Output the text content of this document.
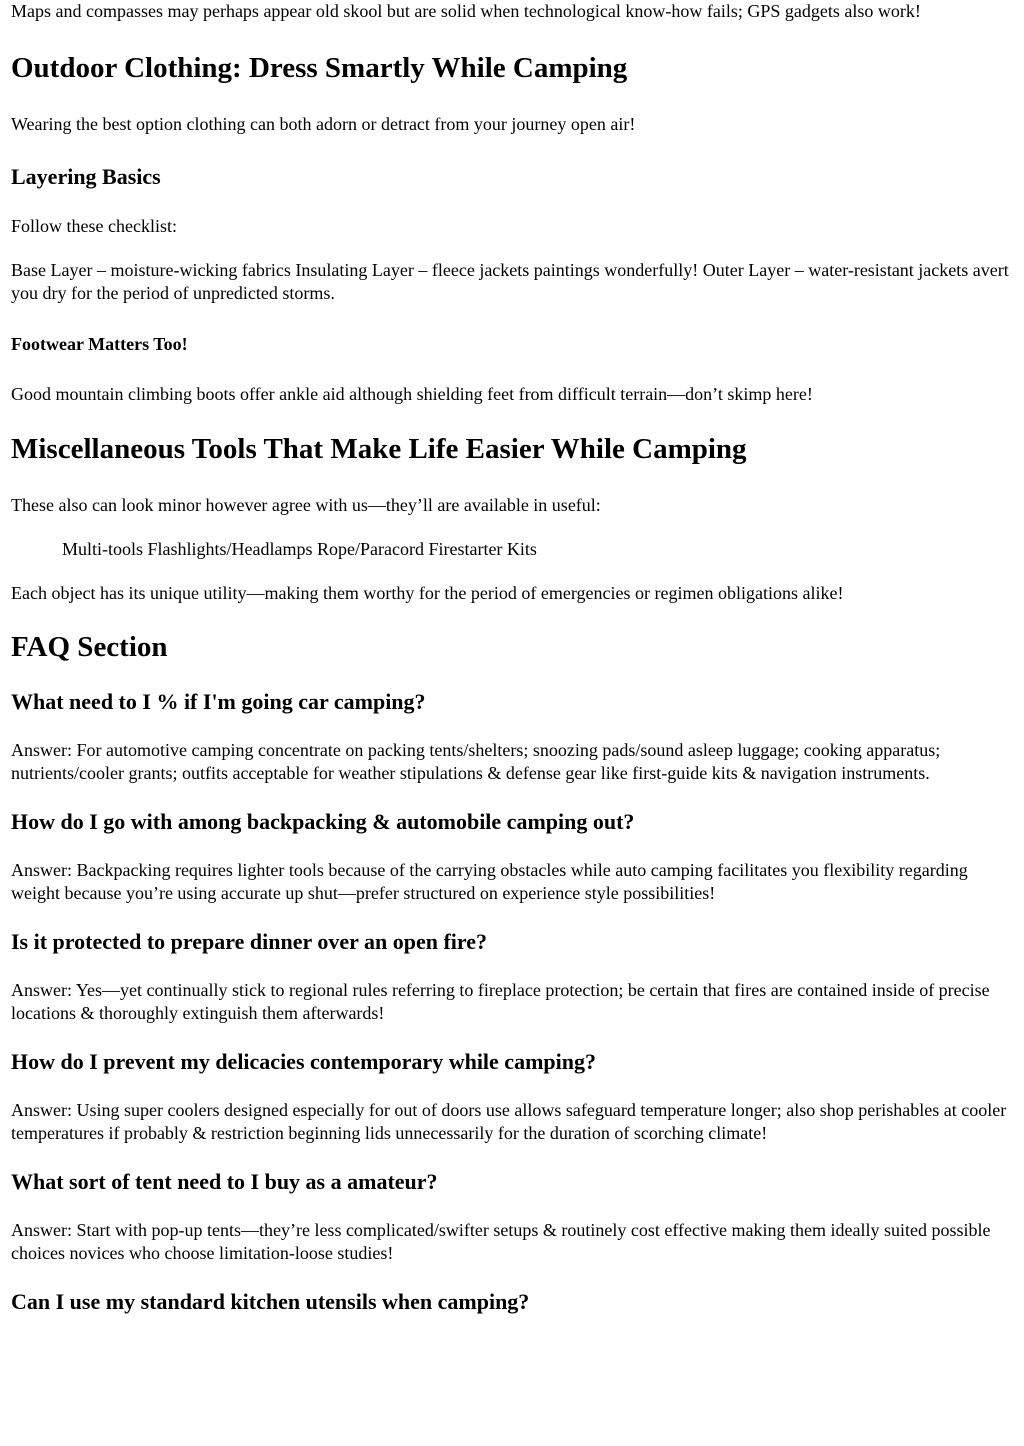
Maps and compasses may perhaps appear old skool but are solid when technological know-how fails; GPS gadgets also work!

Outdoor Clothing: Dress Smartly While Camping

Wearing the best option clothing can both adorn or detract from your journey open air!

Layering Basics

Follow these checklist:

Base Layer – moisture-wicking fabrics Insulating Layer – fleece jackets paintings wonderfully! Outer Layer – water-resistant jackets avert you dry for the period of unpredicted storms.

Footwear Matters Too!

Good mountain climbing boots offer ankle aid although shielding feet from difficult terrain—don’t skimp here!

Miscellaneous Tools That Make Life Easier While Camping

These also can look minor however agree with us—they’ll are available in useful:

Multi-tools Flashlights/Headlamps Rope/Paracord Firestarter Kits

Each object has its unique utility—making them worthy for the period of emergencies or regimen obligations alike!

FAQ Section
What need to I % if I'm going car camping?

Answer: For automotive camping concentrate on packing tents/shelters; snoozing pads/sound asleep luggage; cooking apparatus; nutrients/cooler grants; outfits acceptable for weather stipulations & defense gear like first-guide kits & navigation instruments.

How do I go with among backpacking & automobile camping out?

Answer: Backpacking requires lighter tools because of the carrying obstacles while auto camping facilitates you flexibility regarding weight because you’re using accurate up shut—prefer structured on experience style possibilities!

Is it protected to prepare dinner over an open fire?

Answer: Yes—yet continually stick to regional rules referring to fireplace protection; be certain that fires are contained inside of precise locations & thoroughly extinguish them afterwards!

How do I prevent my delicacies contemporary while camping?

Answer: Using super coolers designed especially for out of doors use allows safeguard temperature longer; also shop perishables at cooler temperatures if probably & restriction beginning lids unnecessarily for the duration of scorching climate!

What sort of tent need to I buy as a amateur?

Answer: Start with pop-up tents—they’re less complicated/swifter setups & routinely cost effective making them ideally suited possible choices novices who choose limitation-loose studies!

Can I use my standard kitchen utensils when camping?
